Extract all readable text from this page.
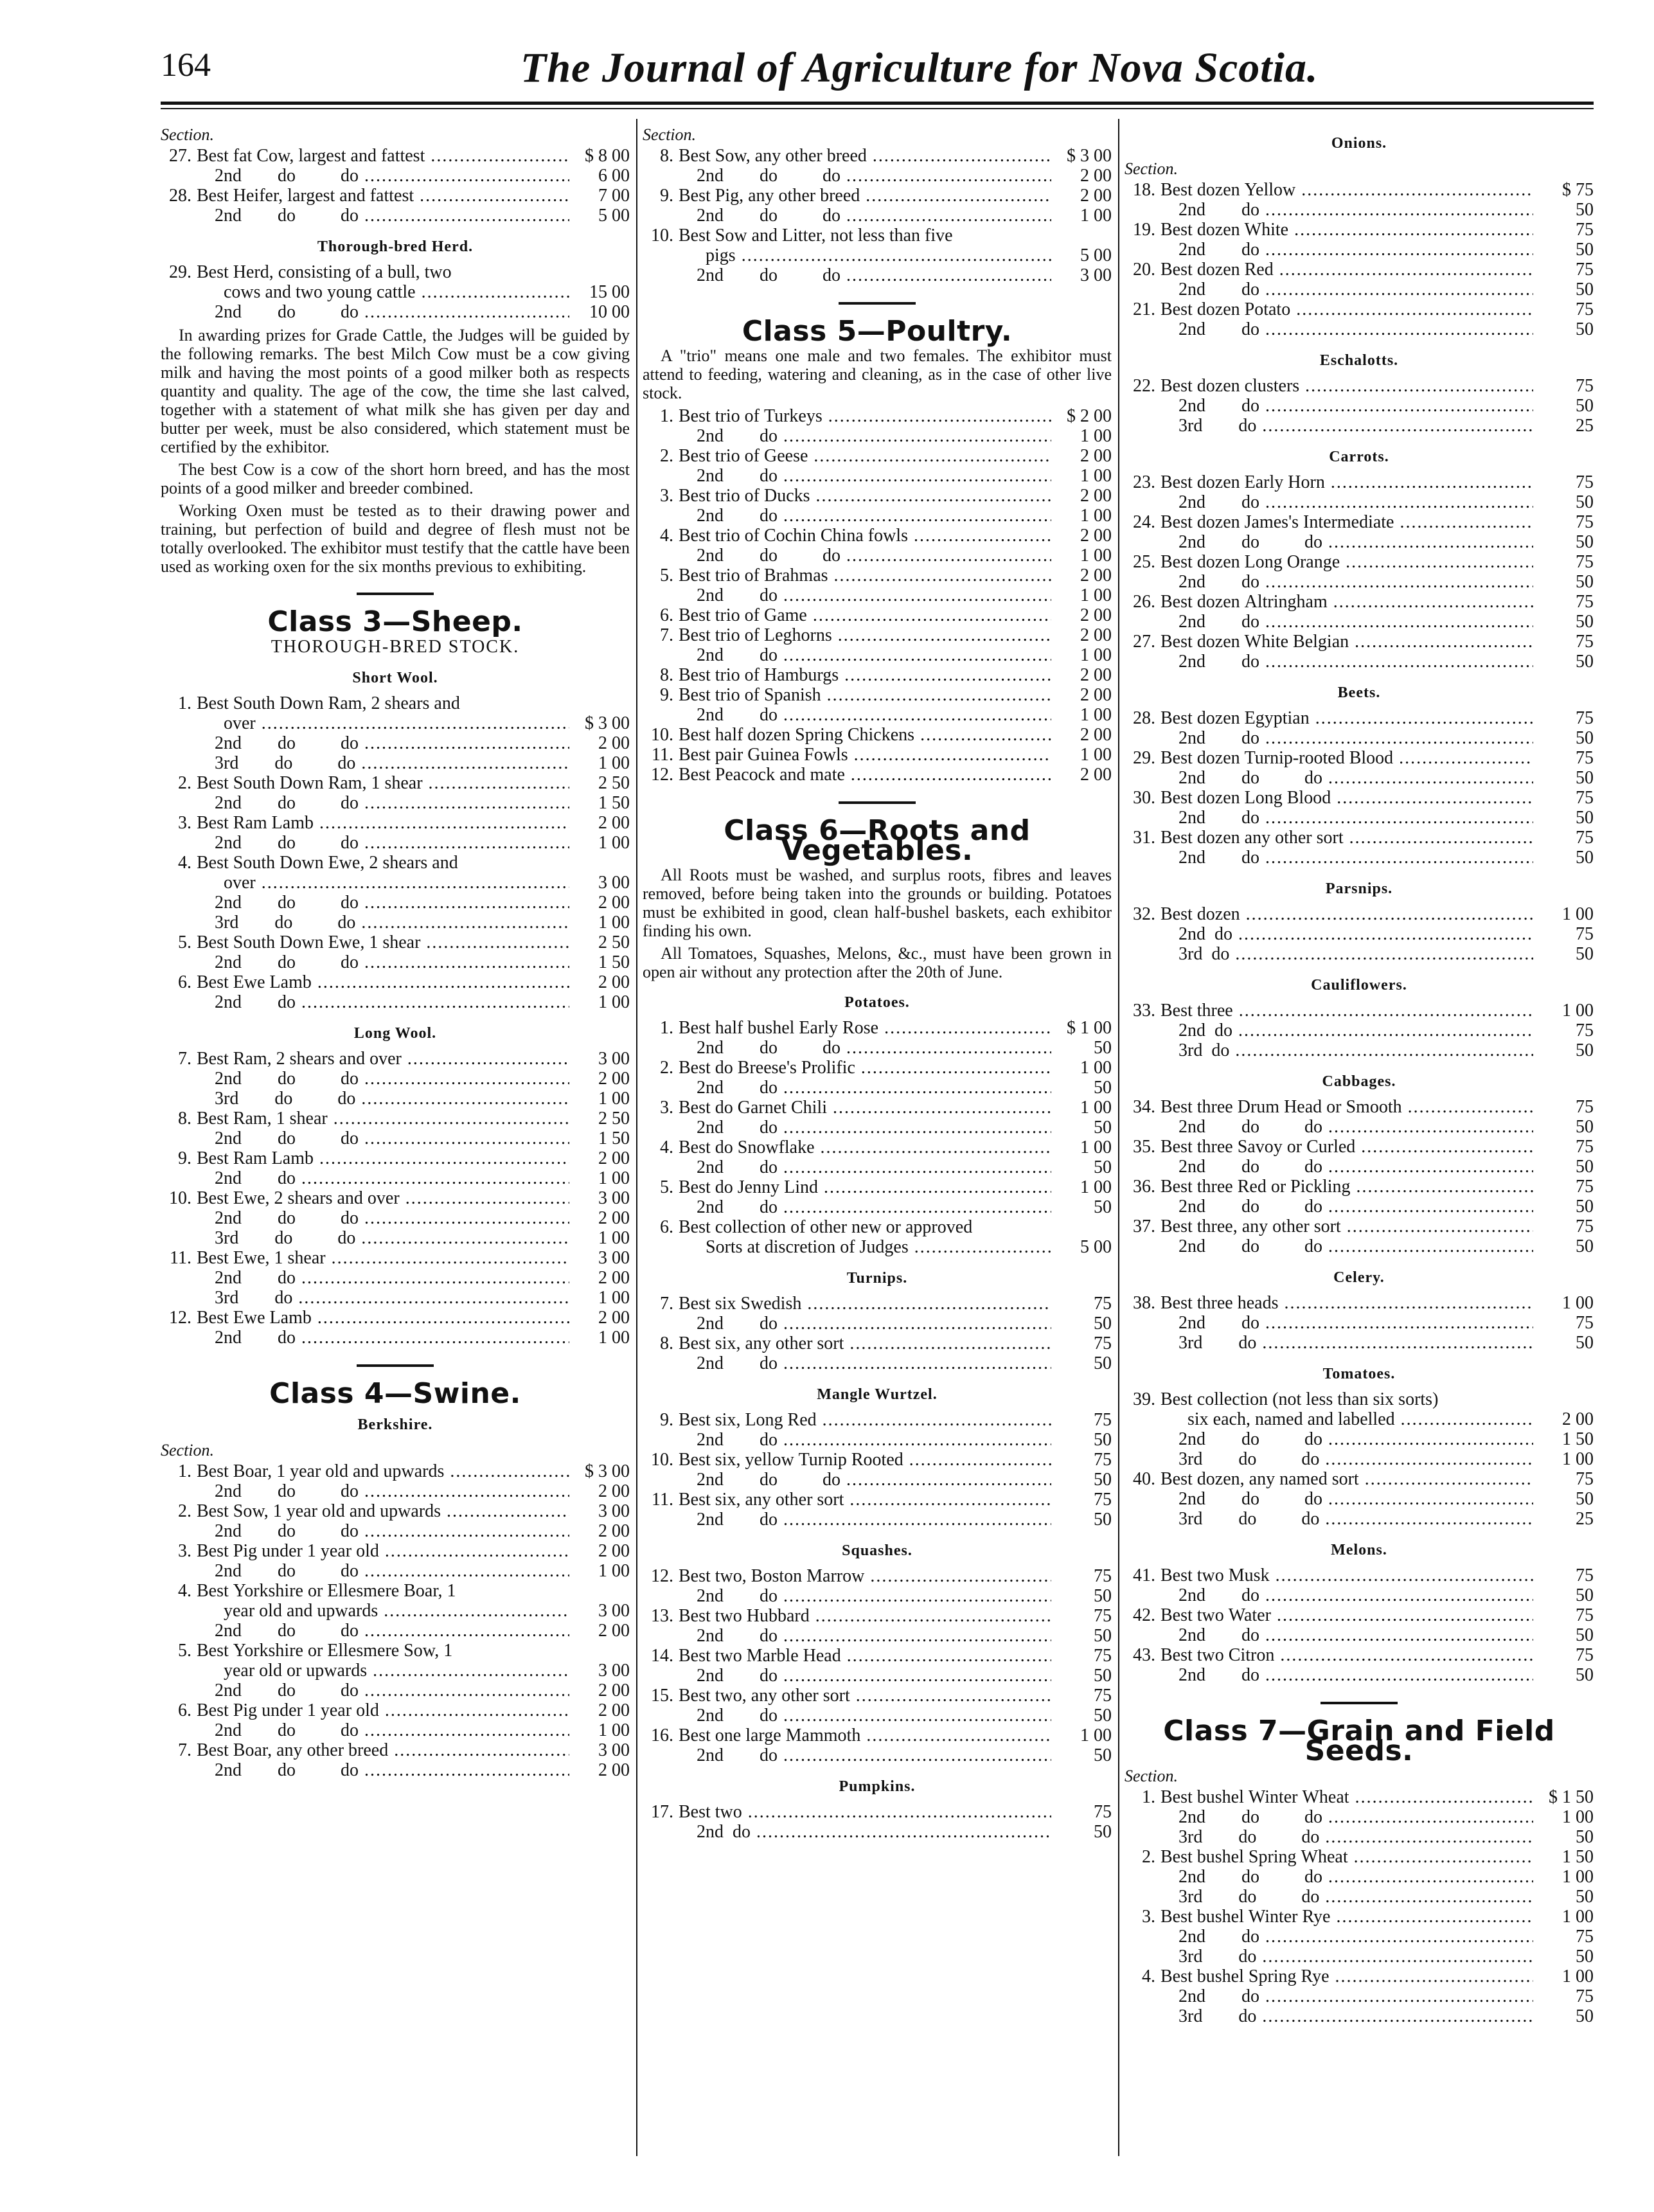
164	The Journal of Agriculture for Nova Scotia.
Section.
27. Best fat Cow, largest and fattest .....	$ 8 00
2nd        do          do .....	6 00
28. Best Heifer, largest and fattest .....	7 00
2nd        do          do .....	5 00
Thorough-bred Herd.
29. Best Herd, consisting of a bull, two
cows and two young cattle .....	15 00
2nd        do          do .....	10 00
In awarding prizes for Grade Cattle, the Judges will be guided by the following remarks. The best Milch Cow must be a cow giving milk and having the most points of a good milker both as respects quantity and quality. The age of the cow, the time she last calved, together with a statement of what milk she has given per day and butter per week, must be also considered, which statement must be certified by the exhibitor.
The best Cow is a cow of the short horn breed, and has the most points of a good milker and breeder combined.
Working Oxen must be tested as to their drawing power and training, but perfection of build and degree of flesh must not be totally overlooked. The exhibitor must testify that the cattle have been used as working oxen for the six months previous to exhibiting.
Class 3—Sheep.
THOROUGH-BRED STOCK.
Short Wool.
1. Best South Down Ram, 2 shears and
over .....	$ 3 00
2nd        do          do .....	2 00
3rd        do          do .....	1 00
2. Best South Down Ram, 1 shear .....	2 50
2nd        do          do .....	1 50
3. Best Ram Lamb .....	2 00
2nd        do          do .....	1 00
4. Best South Down Ewe, 2 shears and
over .....	3 00
2nd        do          do .....	2 00
3rd        do          do .....	1 00
5. Best South Down Ewe, 1 shear .....	2 50
2nd        do          do .....	1 50
6. Best Ewe Lamb .....	2 00
2nd        do .....	1 00
Long Wool.
7. Best Ram, 2 shears and over .....	3 00
2nd        do          do .....	2 00
3rd        do          do .....	1 00
8. Best Ram, 1 shear .....	2 50
2nd        do          do .....	1 50
9. Best Ram Lamb .....	2 00
2nd        do .....	1 00
10. Best Ewe, 2 shears and over .....	3 00
2nd        do          do .....	2 00
3rd        do          do .....	1 00
11. Best Ewe, 1 shear .....	3 00
2nd        do .....	2 00
3rd        do .....	1 00
12. Best Ewe Lamb .....	2 00
2nd        do .....	1 00
Class 4—Swine.
Berkshire.
Section.
1. Best Boar, 1 year old and upwards .....	$ 3 00
2nd        do          do .....	2 00
2. Best Sow, 1 year old and upwards .....	3 00
2nd        do          do .....	2 00
3. Best Pig under 1 year old .....	2 00
2nd        do          do .....	1 00
4. Best Yorkshire or Ellesmere Boar, 1
year old and upwards .....	3 00
2nd        do          do .....	2 00
5. Best Yorkshire or Ellesmere Sow, 1
year old or upwards .....	3 00
2nd        do          do .....	2 00
6. Best Pig under 1 year old .....	2 00
2nd        do          do .....	1 00
7. Best Boar, any other breed .....	3 00
2nd        do          do .....	2 00
Section.
8. Best Sow, any other breed .....	$ 3 00
2nd        do          do .....	2 00
9. Best Pig, any other breed .....	2 00
2nd        do          do .....	1 00
10. Best Sow and Litter, not less than five
pigs .....	5 00
2nd        do          do .....	3 00
Class 5—Poultry.
A "trio" means one male and two females. The exhibitor must attend to feeding, watering and cleaning, as in the case of other live stock.
1. Best trio of Turkeys .....	$ 2 00
2nd        do .....	1 00
2. Best trio of Geese .....	2 00
2nd        do .....	1 00
3. Best trio of Ducks .....	2 00
2nd        do .....	1 00
4. Best trio of Cochin China fowls .....	2 00
2nd        do          do .....	1 00
5. Best trio of Brahmas .....	2 00
2nd        do .....	1 00
6. Best trio of Game .....	2 00
7. Best trio of Leghorns .....	2 00
2nd        do .....	1 00
8. Best trio of Hamburgs .....	2 00
9. Best trio of Spanish .....	2 00
2nd        do .....	1 00
10. Best half dozen Spring Chickens .....	2 00
11. Best pair Guinea Fowls .....	1 00
12. Best Peacock and mate .....	2 00
Class 6—Roots and Vegetables.
All Roots must be washed, and surplus roots, fibres and leaves removed, before being taken into the grounds or building. Potatoes must be exhibited in good, clean half-bushel baskets, each exhibitor finding his own.
All Tomatoes, Squashes, Melons, &c., must have been grown in open air without any protection after the 20th of June.
Potatoes.
1. Best half bushel Early Rose .....	$ 1 00
2nd        do          do .....	50
2. Best do Breese's Prolific .....	1 00
2nd        do .....	50
3. Best do Garnet Chili .....	1 00
2nd        do .....	50
4. Best do Snowflake .....	1 00
2nd        do .....	50
5. Best do Jenny Lind .....	1 00
2nd        do .....	50
6. Best collection of other new or approved
Sorts at discretion of Judges .....	5 00
Turnips.
7. Best six Swedish .....	75
2nd        do .....	50
8. Best six, any other sort .....	75
2nd        do .....	50
Mangle Wurtzel.
9. Best six, Long Red .....	75
2nd        do .....	50
10. Best six, yellow Turnip Rooted .....	75
2nd        do          do .....	50
11. Best six, any other sort .....	75
2nd        do .....	50
Squashes.
12. Best two, Boston Marrow .....	75
2nd        do .....	50
13. Best two Hubbard .....	75
2nd        do .....	50
14. Best two Marble Head .....	75
2nd        do .....	50
15. Best two, any other sort .....	75
2nd        do .....	50
16. Best one large Mammoth .....	1 00
2nd        do .....	50
Pumpkins.
17. Best two .....	75
2nd  do .....	50
Onions.
Section.
18. Best dozen Yellow .....	$ 75
2nd        do .....	50
19. Best dozen White .....	75
2nd        do .....	50
20. Best dozen Red .....	75
2nd        do .....	50
21. Best dozen Potato .....	75
2nd        do .....	50
Eschalotts.
22. Best dozen clusters .....	75
2nd        do .....	50
3rd        do .....	25
Carrots.
23. Best dozen Early Horn .....	75
2nd        do .....	50
24. Best dozen James's Intermediate .....	75
2nd        do          do .....	50
25. Best dozen Long Orange .....	75
2nd        do .....	50
26. Best dozen Altringham .....	75
2nd        do .....	50
27. Best dozen White Belgian .....	75
2nd        do .....	50
Beets.
28. Best dozen Egyptian .....	75
2nd        do .....	50
29. Best dozen Turnip-rooted Blood .....	75
2nd        do          do .....	50
30. Best dozen Long Blood .....	75
2nd        do .....	50
31. Best dozen any other sort .....	75
2nd        do .....	50
Parsnips.
32. Best dozen .....	1 00
2nd  do .....	75
3rd  do .....	50
Cauliflowers.
33. Best three .....	1 00
2nd  do .....	75
3rd  do .....	50
Cabbages.
34. Best three Drum Head or Smooth .....	75
2nd        do          do .....	50
35. Best three Savoy or Curled .....	75
2nd        do          do .....	50
36. Best three Red or Pickling .....	75
2nd        do          do .....	50
37. Best three, any other sort .....	75
2nd        do          do .....	50
Celery.
38. Best three heads .....	1 00
2nd        do .....	75
3rd        do .....	50
Tomatoes.
39. Best collection (not less than six sorts)
six each, named and labelled .....	2 00
2nd        do          do .....	1 50
3rd        do          do .....	1 00
40. Best dozen, any named sort .....	75
2nd        do          do .....	50
3rd        do          do .....	25
Melons.
41. Best two Musk .....	75
2nd        do .....	50
42. Best two Water .....	75
2nd        do .....	50
43. Best two Citron .....	75
2nd        do .....	50
Class 7—Grain and Field Seeds.
Section.
1. Best bushel Winter Wheat .....	$ 1 50
2nd        do          do .....	1 00
3rd        do          do .....	50
2. Best bushel Spring Wheat .....	1 50
2nd        do          do .....	1 00
3rd        do          do .....	50
3. Best bushel Winter Rye .....	1 00
2nd        do .....	75
3rd        do .....	50
4. Best bushel Spring Rye .....	1 00
2nd        do .....	75
3rd        do .....	50
